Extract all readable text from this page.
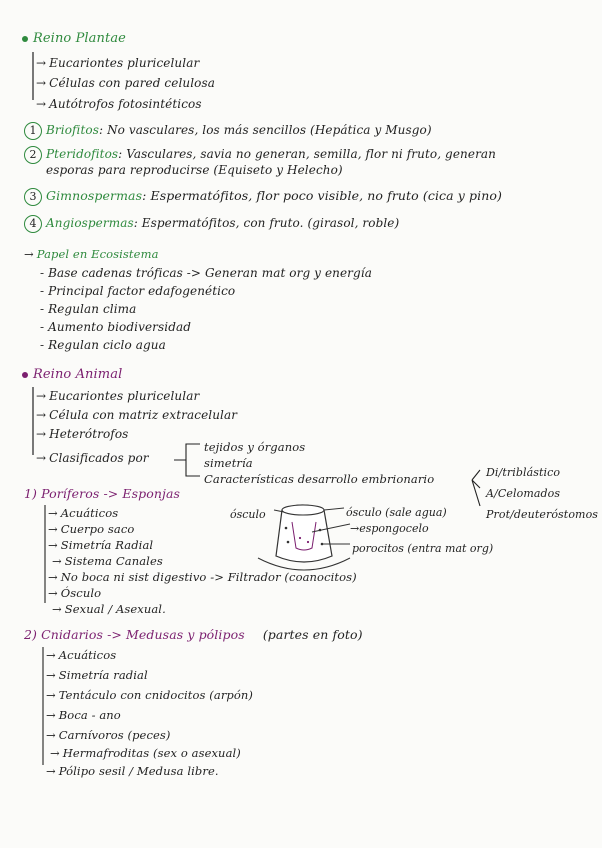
Reino Plantae
→ Eucariontes pluricelular
→ Células con pared celulosa
→ Autótrofos fotosintéticos
1 Briofitos: No vasculares, los más sencillos (Hepática y Musgo)
2 Pteridofitos: Vasculares, savia no generan, semilla, flor ni fruto, generan
esporas para reproducirse (Equiseto y Helecho)
3 Gimnospermas: Espermatófitos, flor poco visible, no fruto (cica y pino)
4 Angiospermas: Espermatófitos, con fruto. (girasol, roble)
→ Papel en Ecosistema
- Base cadenas tróficas -> Generan mat org y energía
- Principal factor edafogenético
- Regulan clima
- Aumento biodiversidad
- Regulan ciclo agua
Reino Animal
→ Eucariontes pluricelular
→ Célula con matriz extracelular
→ Heterótrofos
→ Clasificados por
tejidos y órganos
simetría
Características desarrollo embrionario	Di/triblástico
A/Celomados
Prot/deuteróstomos
1) Poríferos -> Esponjas
→ Acuáticos
→ Cuerpo saco
→ Simetría Radial
→ Sistema Canales
→ No boca ni sist digestivo -> Filtrador (coanocitos)
→ Ósculo
→ Sexual / Asexual.
ósculo	ósculo (sale agua)
→espongocelo
porocitos (entra mat org)
2) Cnidarios -> Medusas y pólipos (partes en foto)
→ Acuáticos
→ Simetría radial
→ Tentáculo con cnidocitos (arpón)
→ Boca - ano
→ Carnívoros (peces)
→ Hermafroditas (sex o asexual)
→ Pólipo sesil / Medusa libre.
